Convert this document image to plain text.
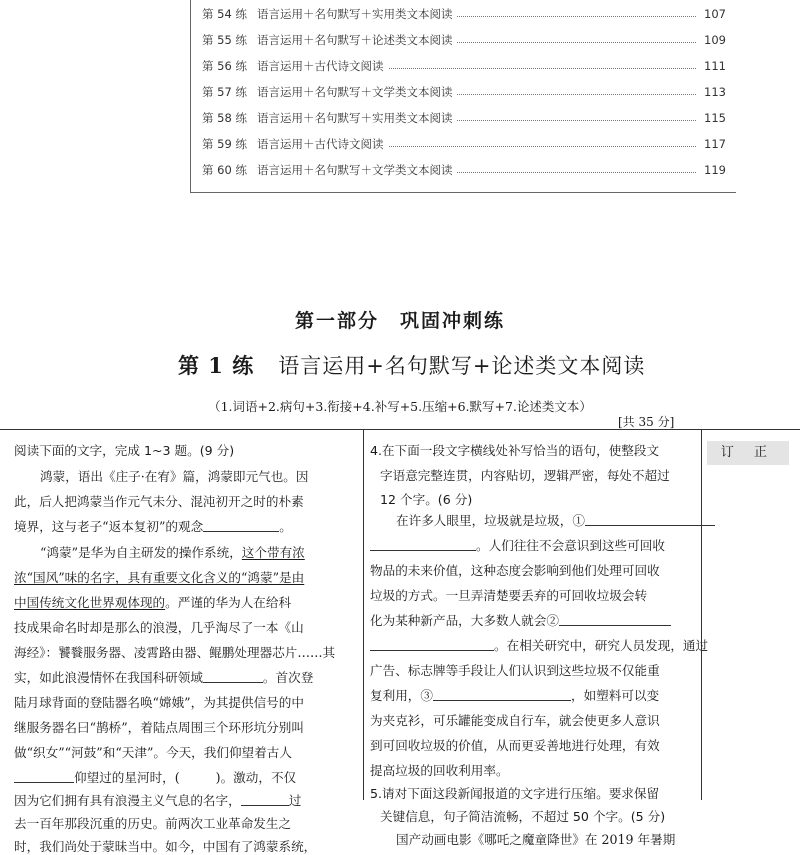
第 54 练 语言运用＋名句默写＋实用类文本阅读	107
第 55 练 语言运用＋名句默写＋论述类文本阅读	109
第 56 练 语言运用＋古代诗文阅读	111
第 57 练 语言运用＋名句默写＋文学类文本阅读	113
第 58 练 语言运用＋名句默写＋实用类文本阅读	115
第 59 练 语言运用＋古代诗文阅读	117
第 60 练 语言运用＋名句默写＋文学类文本阅读	119
第一部分　巩固冲刺练
第 1 练 语言运用+名句默写+论述类文本阅读
（1.词语+2.病句+3.衔接+4.补写+5.压缩+6.默写+7.论述类文本）
[共 35 分]
订 正
阅读下面的文字，完成 1~3 题。(9 分)
鸿蒙，语出《庄子·在宥》篇，鸿蒙即元气也。因
此，后人把鸿蒙当作元气未分、混沌初开之时的朴素
境界，这与老子“返本复初”的观念	。
“鸿蒙”是华为自主研发的操作系统，这个带有浓
浓“国风”味的名字，具有重要文化含义的“鸿蒙”是由
中国传统文化世界观体现的。严谨的华为人在给科
技成果命名时却是那么的浪漫，几乎淘尽了一本《山
海经》：饕餮服务器、凌霄路由器、鲲鹏处理器芯片……其
实，如此浪漫情怀在我国科研领域	。首次登
陆月球背面的登陆器名唤“嫦娥”，为其提供信号的中
继服务器名曰“鹊桥”，着陆点周围三个环形坑分别叫
做“织女”“河鼓”和“天津”。今天，我们仰望着古人
仰望过的星河时，(	)。激动，不仅
因为它们拥有具有浪漫主义气息的名字，	过
去一百年那段沉重的历史。前两次工业革命发生之
时，我们尚处于蒙昧当中。如今，中国有了鸿蒙系统，
4.在下面一段文字横线处补写恰当的语句，使整段文
字语意完整连贯，内容贴切，逻辑严密，每处不超过
12 个字。(6 分)
在许多人眼里，垃圾就是垃圾，①
。人们往往不会意识到这些可回收
物品的未来价值，这种态度会影响到他们处理可回收
垃圾的方式。一旦弄清楚要丢弃的可回收垃圾会转
化为某种新产品，大多数人就会②
。在相关研究中，研究人员发现，通过
广告、标志牌等手段让人们认识到这些垃圾不仅能重
复利用，③	，如塑料可以变
为夹克衫，可乐罐能变成自行车，就会使更多人意识
到可回收垃圾的价值，从而更妥善地进行处理，有效
提高垃圾的回收利用率。
5.请对下面这段新闻报道的文字进行压缩。要求保留
关键信息，句子简洁流畅，不超过 50 个字。(5 分)
国产动画电影《哪吒之魔童降世》在 2019 年暑期
